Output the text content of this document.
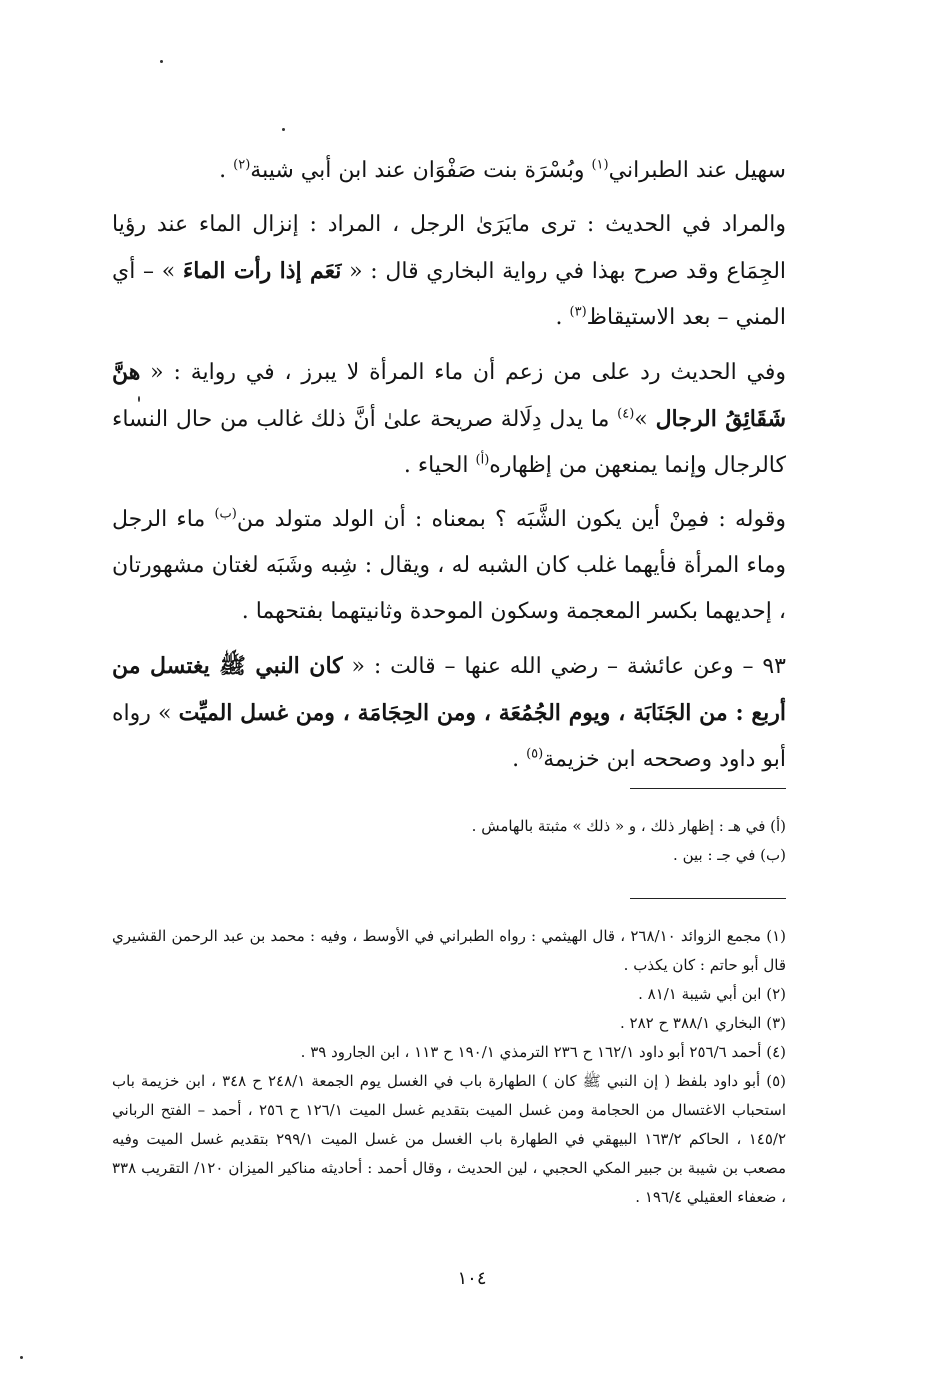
سهيل عند الطبراني$^{(١)}$ وبُسْرَة بنت صَفْوَان عند ابن أبي شيبة$^{(٢)}$ .

والمراد في الحديث : ترى مايَرَىٰ الرجل ، المراد : إنزال الماء عند رؤيا الجِمَاع وقد صرح بهذا في رواية البخاري قال : « نَعَم إذا رأت الماءَ » – أي المني – بعد الاستيقاظ$^{(٣)}$ .

وفي الحديث رد على من زعم أن ماء المرأة لا يبرز ، في رواية : « هنَّ شَقَائِقُ الرجال »$^{(٤)}$ ما يدل دِلَالة صريحة علىٰ أنَّ ذلك غالب من حال النساء كالرجال وإنما يمنعهن من إظهاره$^{(أ)}$ الحياء .

وقوله : فمِنْ أين يكون الشَّبَه ؟ بمعناه : أن الولد متولد من$^{(ب)}$ ماء الرجل وماء المرأة فأيهما غلب كان الشبه له ، ويقال : شِبه وشَبَه لغتان مشهورتان ، إحديهما بكسر المعجمة وسكون الموحدة وثانيتهما بفتحهما .

٩٣ – وعن عائشة – رضي الله عنها – قالت : « كان النبي ﷺ يغتسل من أربع : من الجَنَابَة ، ويوم الجُمُعَة ، ومن الحِجَامَة ، ومن غسل الميِّت » رواه أبو داود وصححه ابن خزيمة$^{(٥)}$ .

(أ) في هـ : إظهار ذلك ، و « ذلك » مثبتة بالهامش .

(ب) في جـ : بين .

(١) مجمع الزوائد ٢٦٨/١٠ ، قال الهيثمي : رواه الطبراني في الأوسط ، وفيه : محمد بن عبد الرحمن القشيري قال أبو حاتم : كان يكذب .

(٢) ابن أبي شيبة ٨١/١ .

(٣) البخاري ٣٨٨/١ ح ٢٨٢ .

(٤) أحمد ٢٥٦/٦ أبو داود ١٦٢/١ ح ٢٣٦ الترمذي ١٩٠/١ ح ١١٣ ، ابن الجارود ٣٩ .

(٥) أبو داود بلفظ ( إن النبي ﷺ كان ) الطهارة باب في الغسل يوم الجمعة ٢٤٨/١ ح ٣٤٨ ، ابن خزيمة باب استحباب الاغتسال من الحجامة ومن غسل الميت بتقديم غسل الميت ١٢٦/١ ح ٢٥٦ ، أحمد – الفتح الرباني ١٤٥/٢ ، الحاكم ١٦٣/٢ البيهقي في الطهارة باب الغسل من غسل الميت ٢٩٩/١ بتقديم غسل الميت وفيه مصعب بن شيبة بن جبير المكي الحجبي ، لين الحديث ، وقال أحمد : أحاديثه مناكير الميزان ١٢٠/ التقريب ٣٣٨ ، ضعفاء العقيلي ١٩٦/٤ .

١٠٤
